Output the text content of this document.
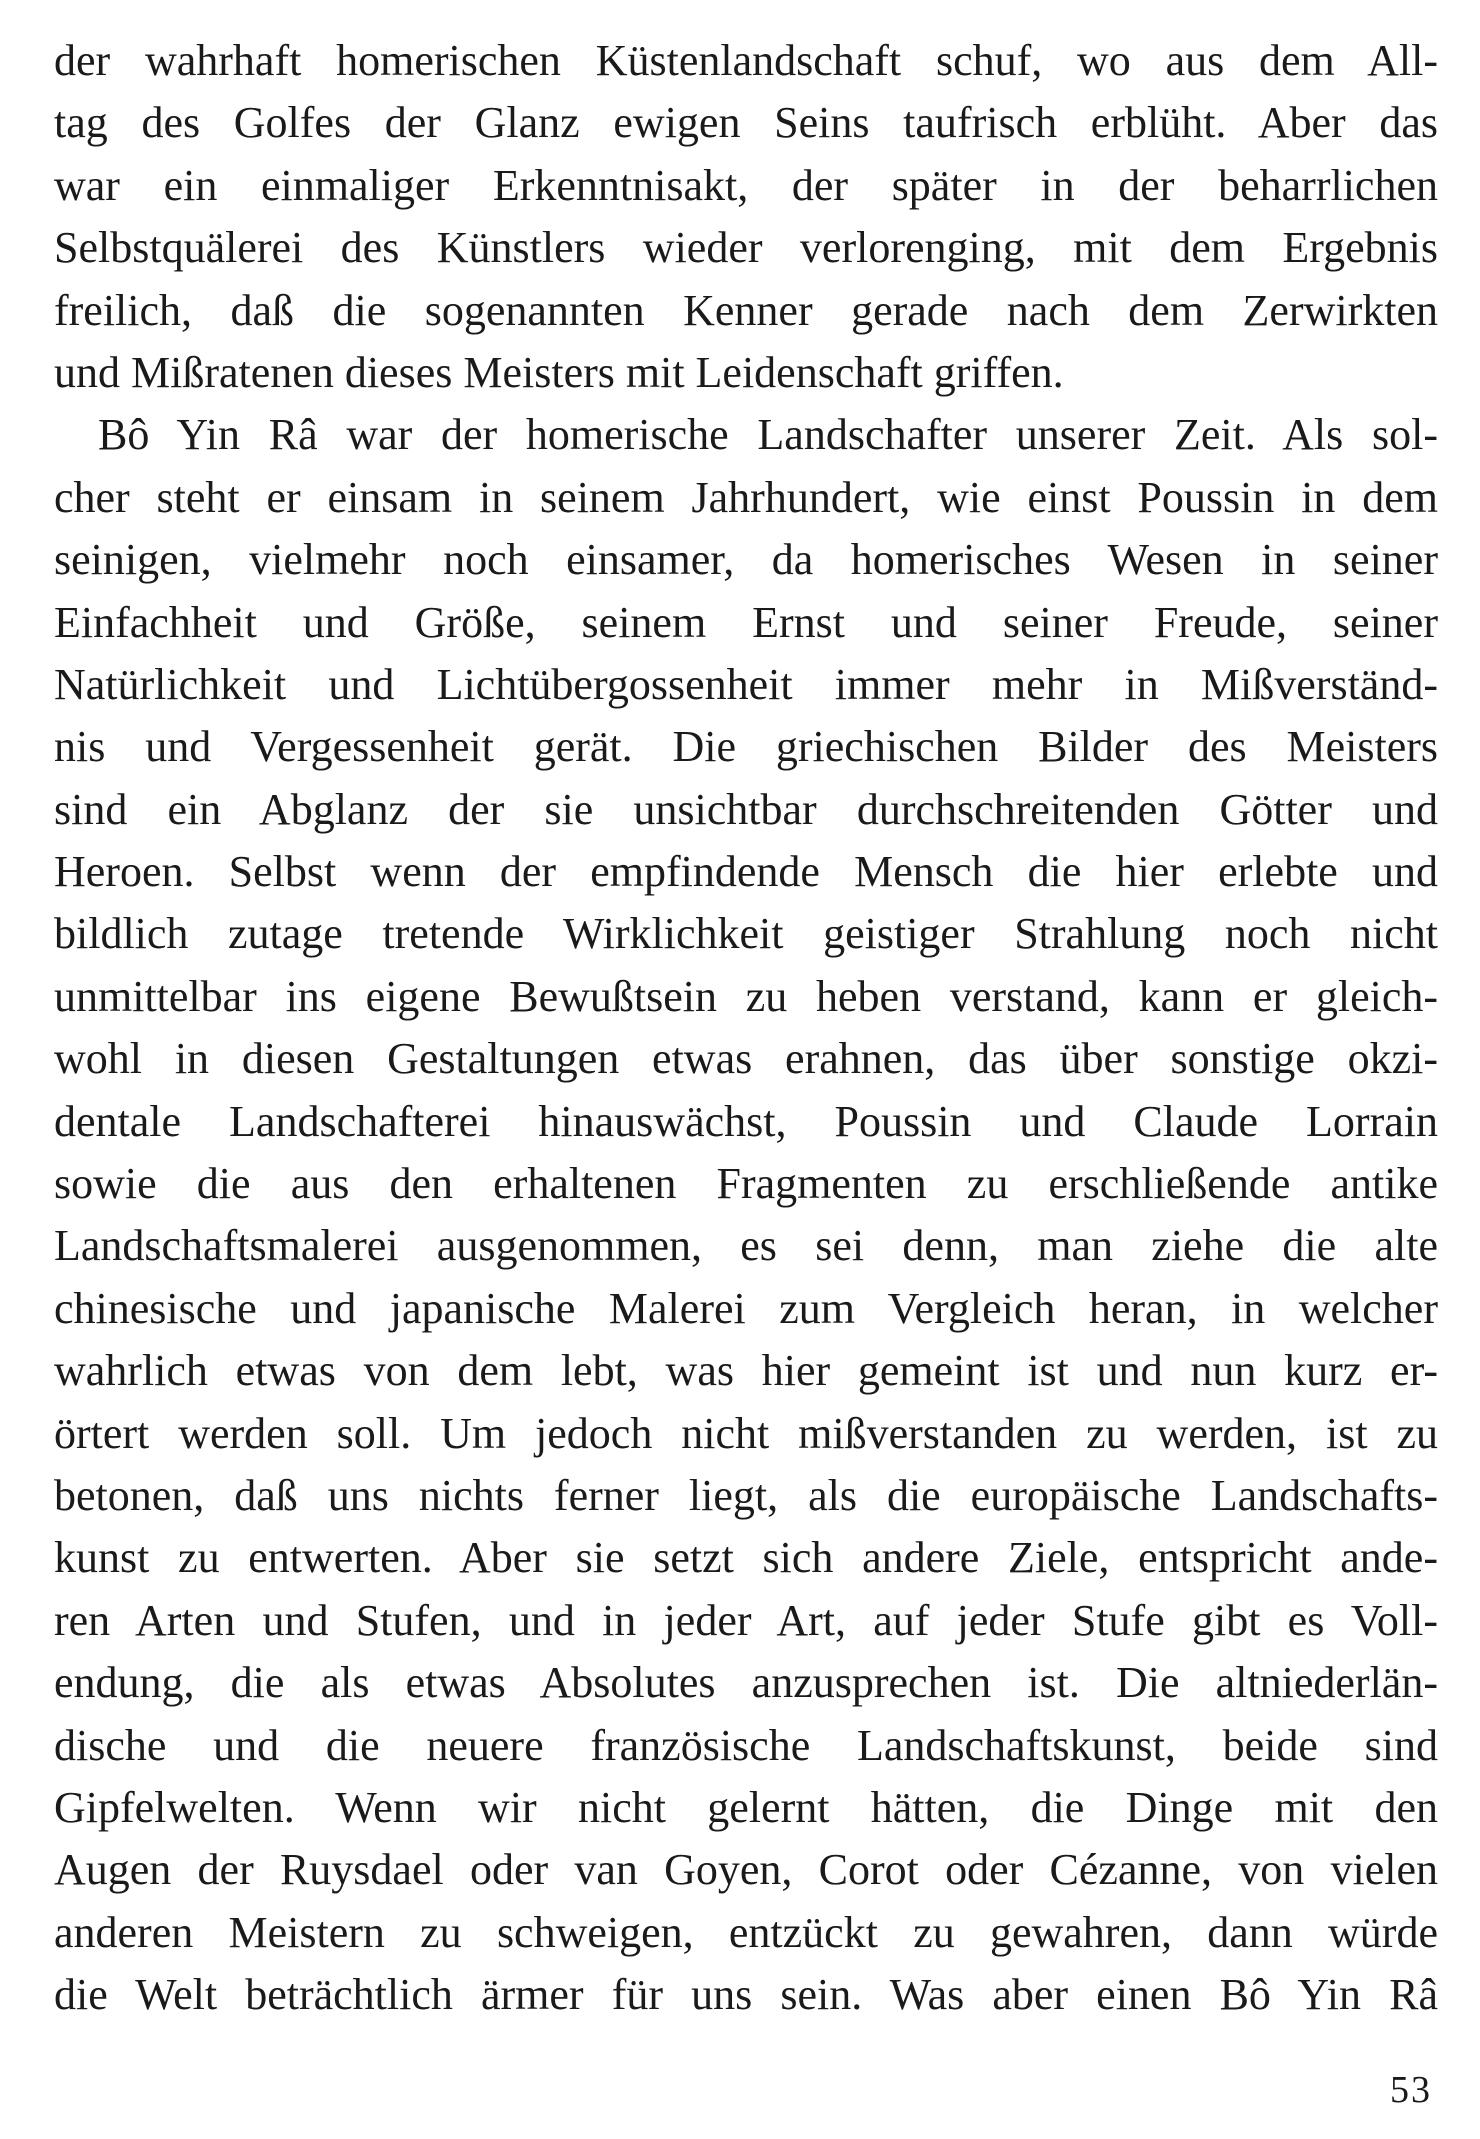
der wahrhaft homerischen Küstenlandschaft schuf, wo aus dem All-
tag des Golfes der Glanz ewigen Seins taufrisch erblüht. Aber das
war ein einmaliger Erkenntnisakt, der später in der beharrlichen
Selbstquälerei des Künstlers wieder verlorenging, mit dem Ergebnis
freilich, daß die sogenannten Kenner gerade nach dem Zerwirkten
und Mißratenen dieses Meisters mit Leidenschaft griffen.
Bô Yin Râ war der homerische Landschafter unserer Zeit. Als sol-
cher steht er einsam in seinem Jahrhundert, wie einst Poussin in dem
seinigen, vielmehr noch einsamer, da homerisches Wesen in seiner
Einfachheit und Größe, seinem Ernst und seiner Freude, seiner
Natürlichkeit und Lichtübergossenheit immer mehr in Mißverständ-
nis und Vergessenheit gerät. Die griechischen Bilder des Meisters
sind ein Abglanz der sie unsichtbar durchschreitenden Götter und
Heroen. Selbst wenn der empfindende Mensch die hier erlebte und
bildlich zutage tretende Wirklichkeit geistiger Strahlung noch nicht
unmittelbar ins eigene Bewußtsein zu heben verstand, kann er gleich-
wohl in diesen Gestaltungen etwas erahnen, das über sonstige okzi-
dentale Landschafterei hinauswächst, Poussin und Claude Lorrain
sowie die aus den erhaltenen Fragmenten zu erschließende antike
Landschaftsmalerei ausgenommen, es sei denn, man ziehe die alte
chinesische und japanische Malerei zum Vergleich heran, in welcher
wahrlich etwas von dem lebt, was hier gemeint ist und nun kurz er-
örtert werden soll. Um jedoch nicht mißverstanden zu werden, ist zu
betonen, daß uns nichts ferner liegt, als die europäische Landschafts-
kunst zu entwerten. Aber sie setzt sich andere Ziele, entspricht ande-
ren Arten und Stufen, und in jeder Art, auf jeder Stufe gibt es Voll-
endung, die als etwas Absolutes anzusprechen ist. Die altniederlän-
dische und die neuere französische Landschaftskunst, beide sind
Gipfelwelten. Wenn wir nicht gelernt hätten, die Dinge mit den
Augen der Ruysdael oder van Goyen, Corot oder Cézanne, von vielen
anderen Meistern zu schweigen, entzückt zu gewahren, dann würde
die Welt beträchtlich ärmer für uns sein. Was aber einen Bô Yin Râ
53
